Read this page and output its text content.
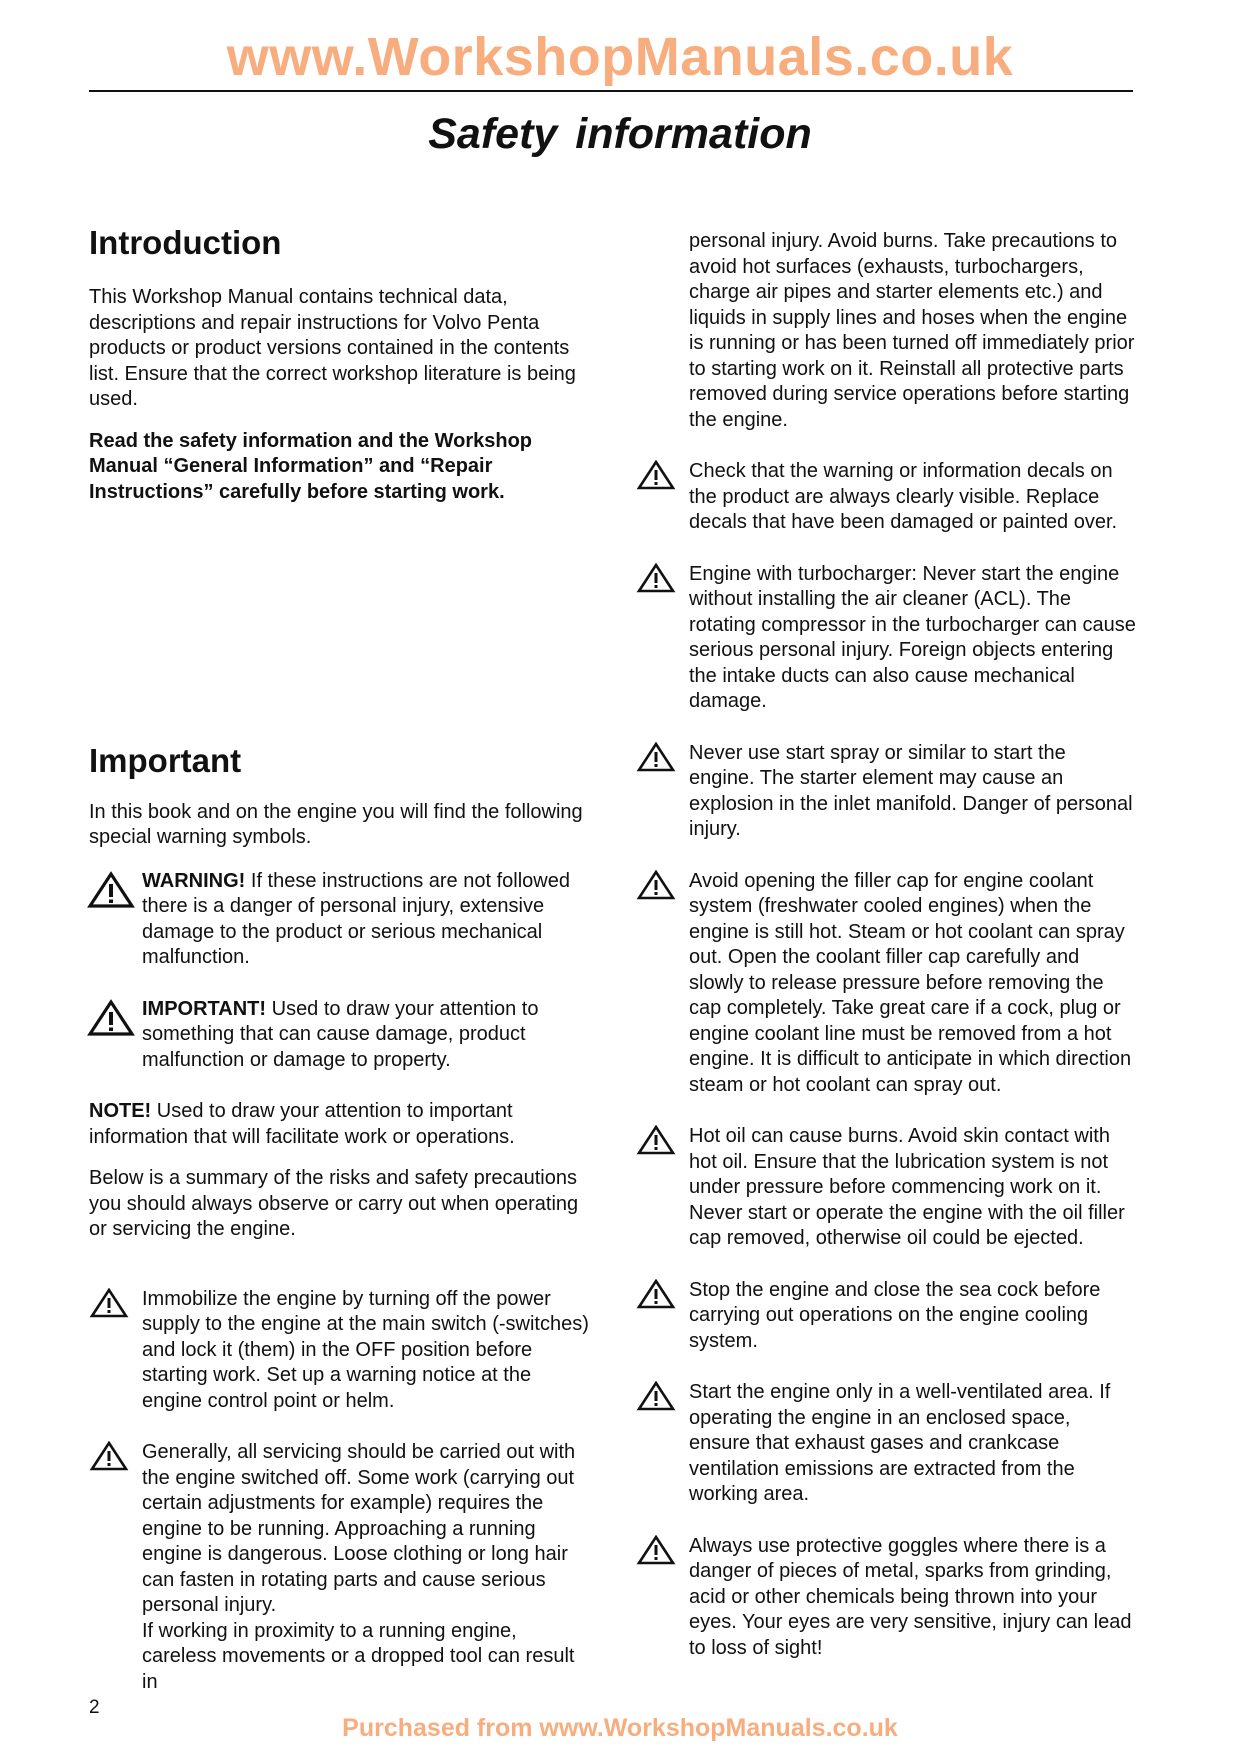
www.WorkshopManuals.co.uk
Safety information
Introduction

This Workshop Manual contains technical data, descriptions and repair instructions for Volvo Penta products or product versions contained in the contents list. Ensure that the correct workshop literature is being used.

Read the safety information and the Workshop Manual “General Information” and “Repair Instructions” carefully before starting work.

Important

In this book and on the engine you will find the following special warning symbols.

WARNING! If these instructions are not followed there is a danger of personal injury, extensive damage to the product or serious mechanical malfunction.
IMPORTANT! Used to draw your attention to something that can cause damage, product malfunction or damage to property.

NOTE! Used to draw your attention to important information that will facilitate work or operations.

Below is a summary of the risks and safety precautions you should always observe or carry out when operating or servicing the engine.

Immobilize the engine by turning off the power supply to the engine at the main switch (-switches) and lock it (them) in the OFF position before starting work. Set up a warning notice at the engine control point or helm.
Generally, all servicing should be carried out with the engine switched off. Some work (carrying out certain adjustments for example) requires the engine to be running. Approaching a running engine is dangerous. Loose clothing or long hair can fasten in rotating parts and cause serious personal injury.
If working in proximity to a running engine, careless movements or a dropped tool can result in
personal injury. Avoid burns. Take precautions to avoid hot surfaces (exhausts, turbochargers, charge air pipes and starter elements etc.) and liquids in supply lines and hoses when the engine is running or has been turned off immediately prior to starting work on it. Reinstall all protective parts removed during service operations before starting the engine.
Check that the warning or information decals on the product are always clearly visible. Replace decals that have been damaged or painted over.
Engine with turbocharger: Never start the engine without installing the air cleaner (ACL). The rotating compressor in the turbocharger can cause serious personal injury. Foreign objects entering the intake ducts can also cause mechanical damage.
Never use start spray or similar to start the engine. The starter element may cause an explosion in the inlet manifold. Danger of personal injury.
Avoid opening the filler cap for engine coolant system (freshwater cooled engines) when the engine is still hot. Steam or hot coolant can spray out. Open the coolant filler cap carefully and slowly to release pressure before removing the cap completely. Take great care if a cock, plug or engine coolant line must be removed from a hot engine. It is difficult to anticipate in which direction steam or hot coolant can spray out.
Hot oil can cause burns. Avoid skin contact with hot oil. Ensure that the lubrication system is not under pressure before commencing work on it. Never start or operate the engine with the oil filler cap removed, otherwise oil could be ejected.
Stop the engine and close the sea cock before carrying out operations on the engine cooling system.
Start the engine only in a well-ventilated area. If operating the engine in an enclosed space, ensure that exhaust gases and crankcase ventilation emissions are extracted from the working area.
Always use protective goggles where there is a danger of pieces of metal, sparks from grinding, acid or other chemicals being thrown into your eyes. Your eyes are very sensitive, injury can lead to loss of sight!
2
Purchased from www.WorkshopManuals.co.uk
